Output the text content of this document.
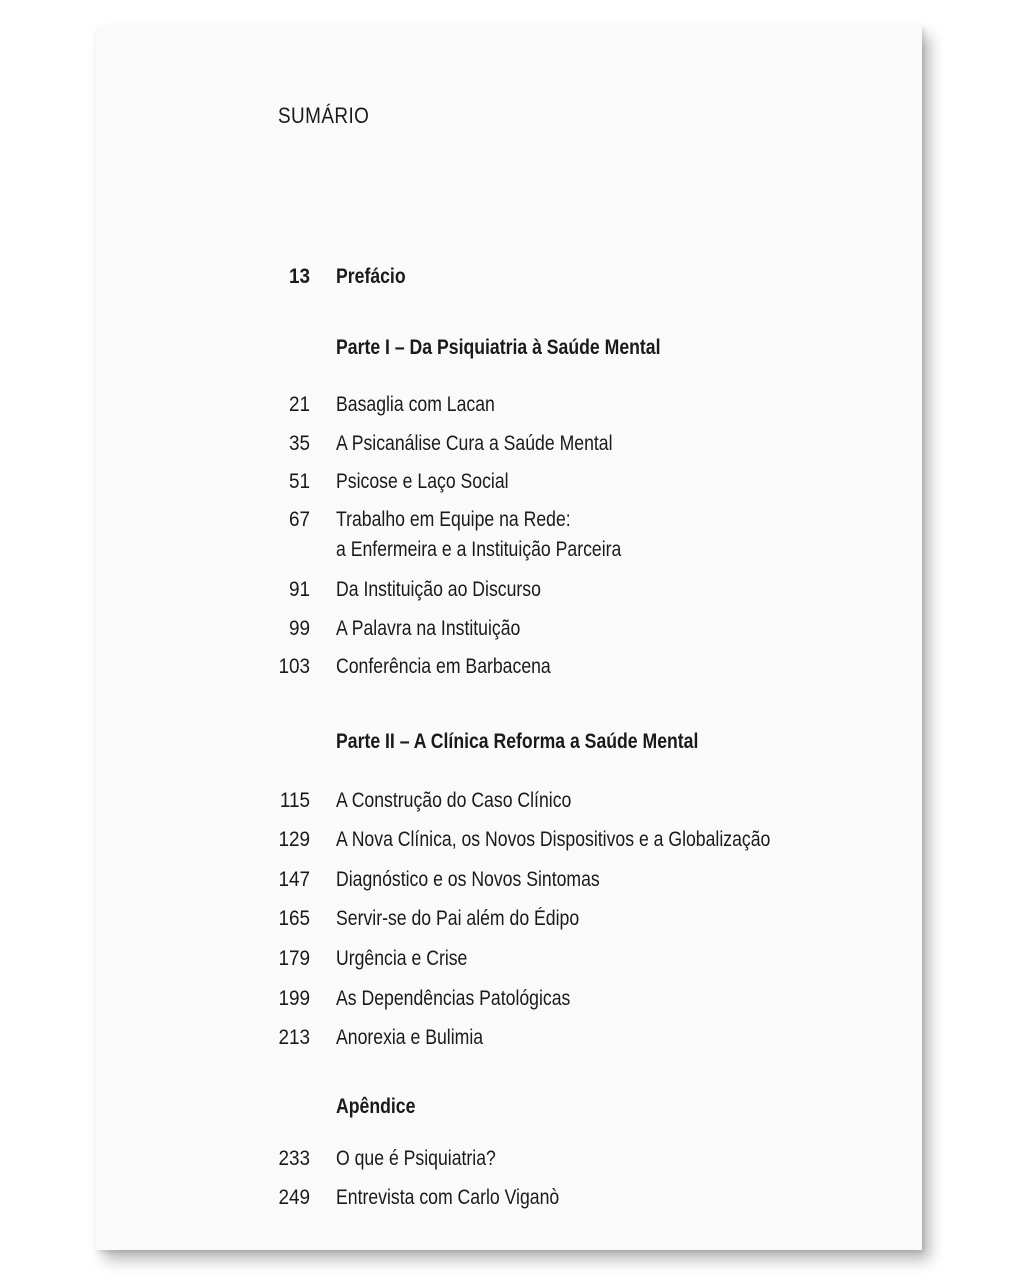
SUMÁRIO
13 Prefácio
Parte I – Da Psiquiatria à Saúde Mental
21 Basaglia com Lacan
35 A Psicanálise Cura a Saúde Mental
51 Psicose e Laço Social
67 Trabalho em Equipe na Rede:
a Enfermeira e a Instituição Parceira
91 Da Instituição ao Discurso
99 A Palavra na Instituição
103 Conferência em Barbacena
Parte II – A Clínica Reforma a Saúde Mental
115 A Construção do Caso Clínico
129 A Nova Clínica, os Novos Dispositivos e a Globalização
147 Diagnóstico e os Novos Sintomas
165 Servir-se do Pai além do Édipo
179 Urgência e Crise
199 As Dependências Patológicas
213 Anorexia e Bulimia
Apêndice
233 O que é Psiquiatria?
249 Entrevista com Carlo Viganò
